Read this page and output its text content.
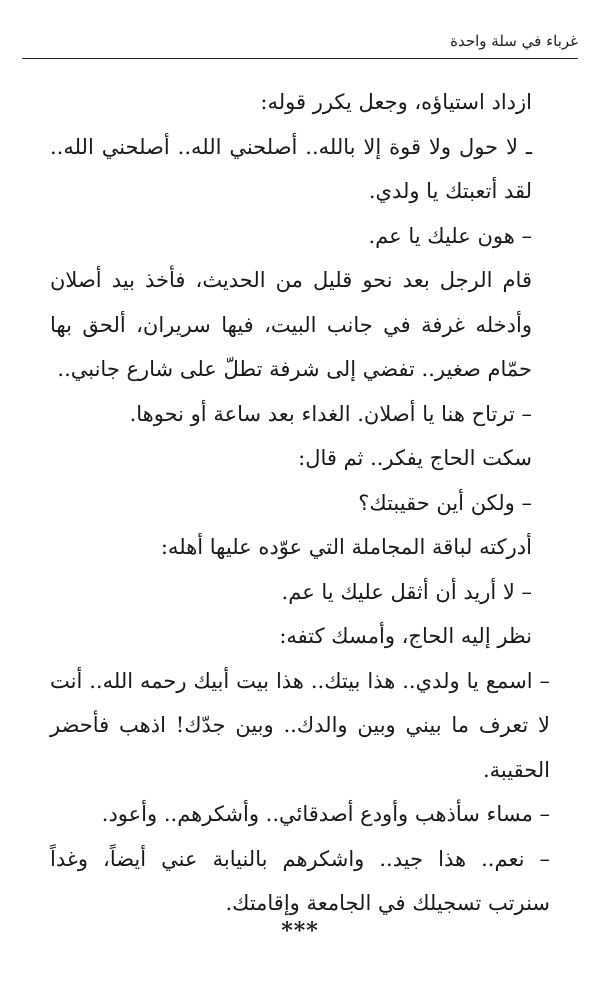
غرباء في سلة واحدة

ازداد استياؤه، وجعل يكرر قوله:

ـ لا حول ولا قوة إلا بالله.. أصلحني الله.. أصلحني الله.. لقد أتعبتك يا ولدي.

– هون عليك يا عم.

قام الرجل بعد نحو قليل من الحديث، فأخذ بيد أصلان وأدخله غرفة في جانب البيت، فيها سريران، ألحق بها حمّام صغير.. تفضي إلى شرفة تطلّ على شارع جانبي..

– ترتاح هنا يا أصلان. الغداء بعد ساعة أو نحوها.

سكت الحاج يفكر.. ثم قال:

– ولكن أين حقيبتك؟

أدركته لباقة المجاملة التي عوّده عليها أهله:

– لا أريد أن أثقل عليك يا عم.

نظر إليه الحاج، وأمسك كتفه:

– اسمع يا ولدي.. هذا بيتك.. هذا بيت أبيك رحمه الله.. أنت لا تعرف ما بيني وبين والدك.. وبين جدّك! اذهب فأحضر الحقيبة.

– مساء سأذهب وأودع أصدقائي.. وأشكرهم.. وأعود.

– نعم.. هذا جيد.. واشكرهم بالنيابة عني أيضاً، وغداً سنرتب تسجيلك في الجامعة وإقامتك.

***
